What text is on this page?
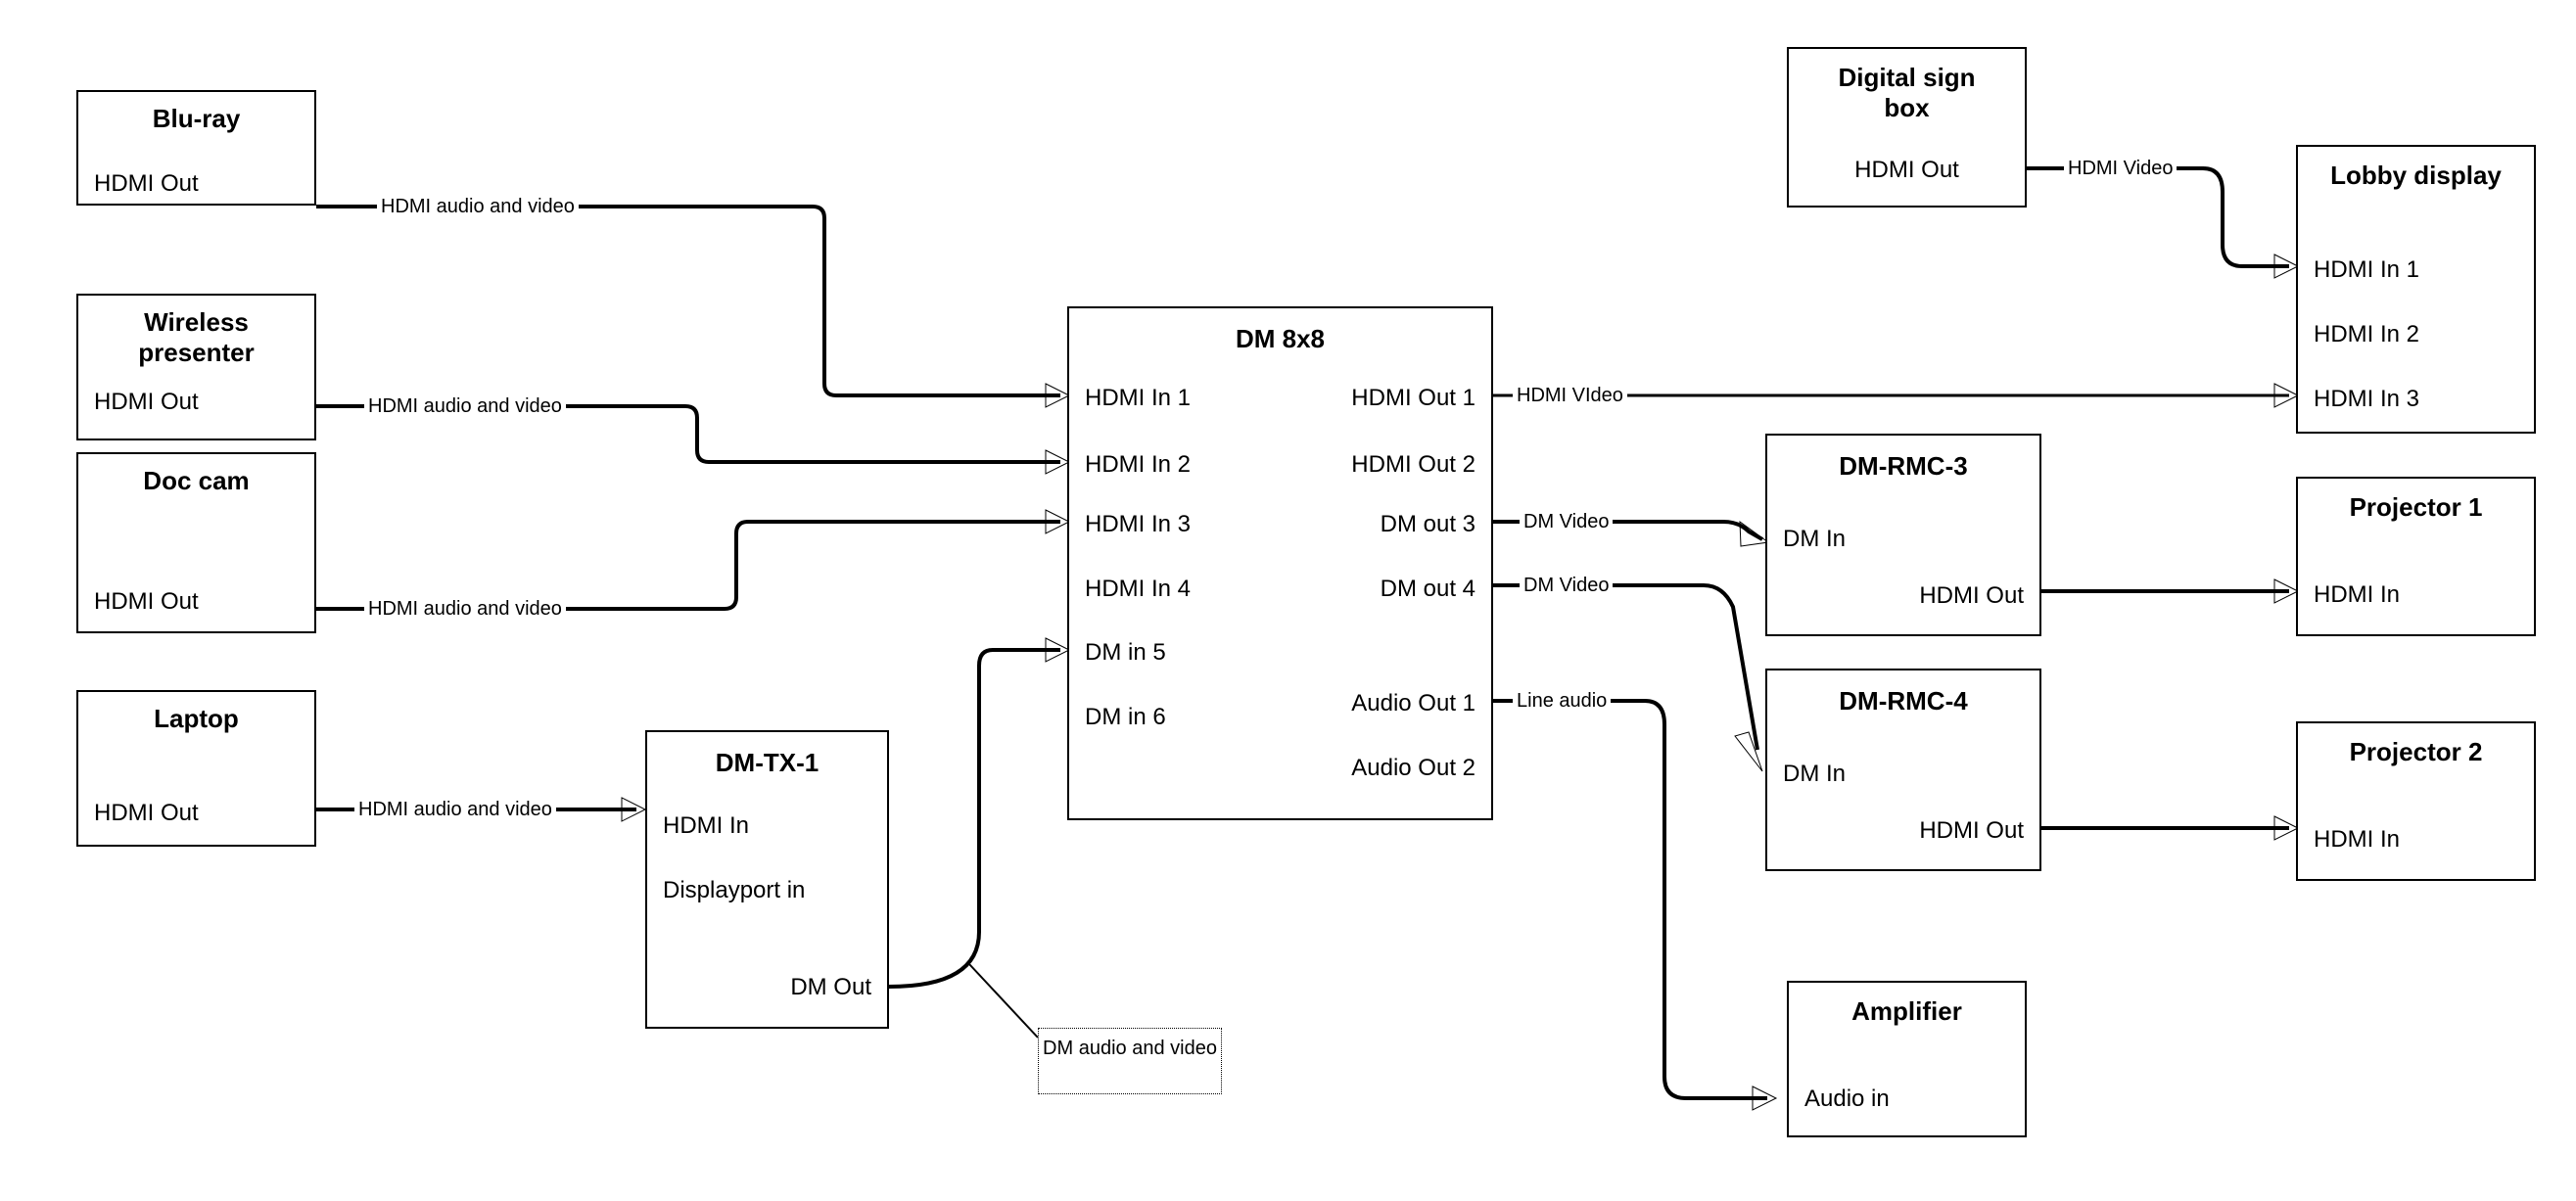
Blu-ray
HDMI Out
Wireless presenter
HDMI Out
Doc cam
HDMI Out
Laptop
HDMI Out
DM-TX-1
HDMI In
Displayport in
DM Out
DM 8x8
HDMI In 1
HDMI In 2
HDMI In 3
HDMI In 4
DM in 5
DM in 6
HDMI Out 1
HDMI Out 2
DM out 3
DM out 4
Audio Out 1
Audio Out 2
Digital sign box
HDMI Out	Lobby display
HDMI In 1
HDMI In 2
HDMI In 3
DM-RMC-3
DM In
HDMI Out
DM-RMC-4
DM In
HDMI Out
Projector 1
HDMI In
Projector 2
HDMI In
Amplifier
Audio in
HDMI audio and video
HDMI audio and video
HDMI audio and video
HDMI audio and video
HDMI Video
HDMI VIdeo
DM Video
DM Video
Line audio
DM audio and video
